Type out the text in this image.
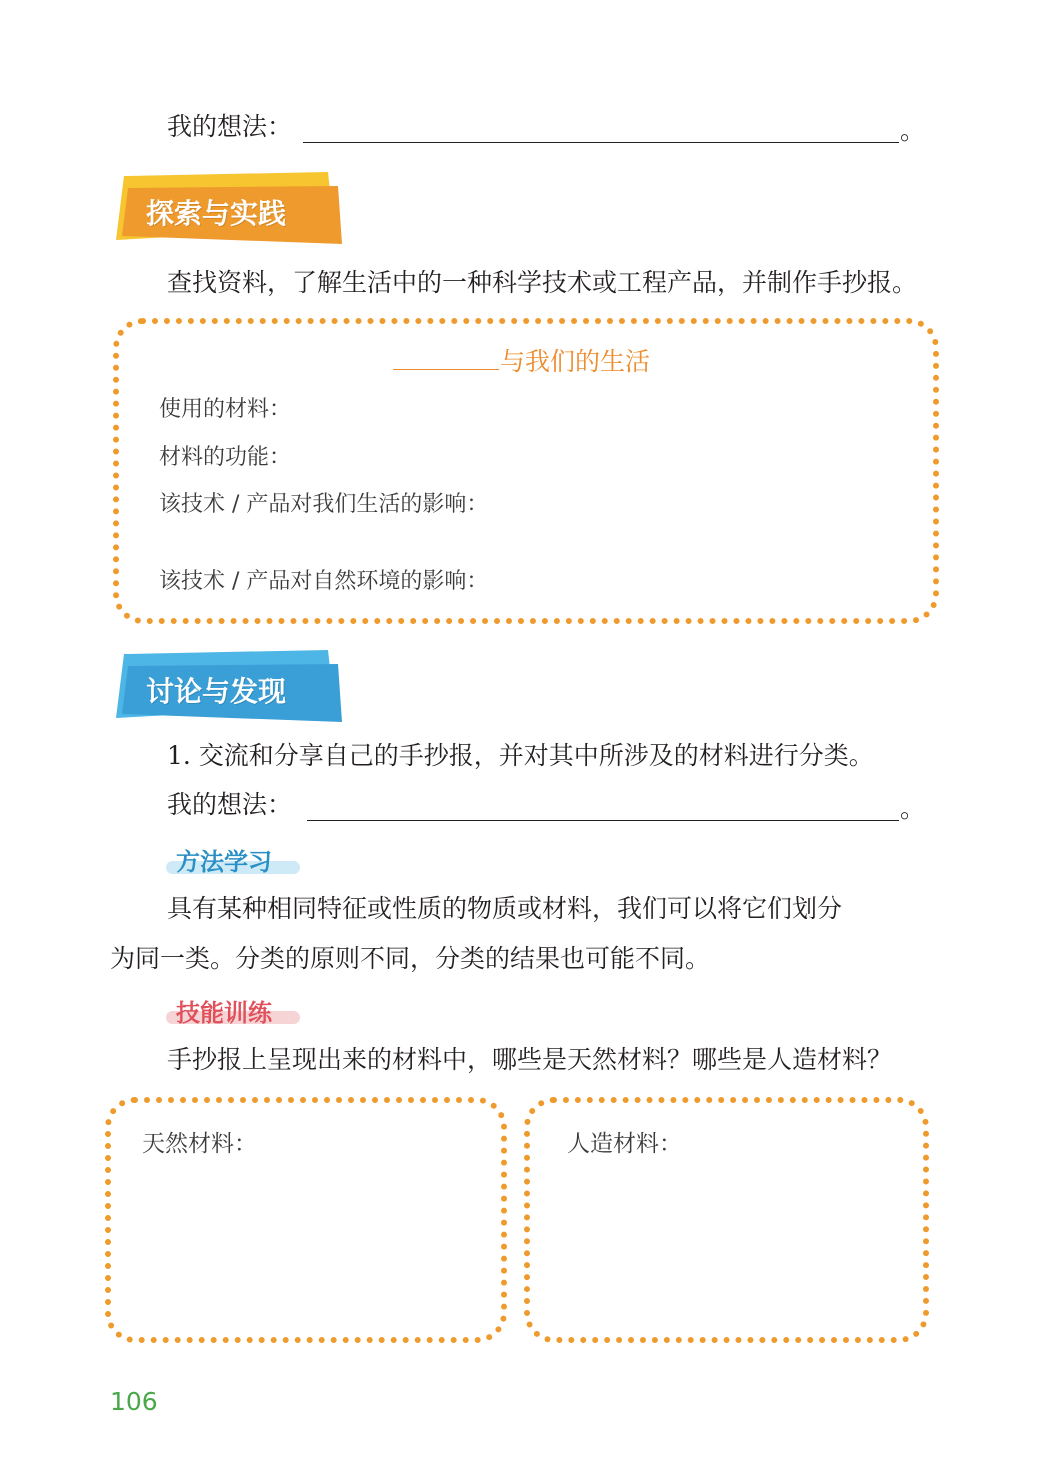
我的想法：	。
探索与实践
查找资料，了解生活中的一种科学技术或工程产品，并制作手抄报。
与我们的生活
使用的材料：
材料的功能：
该技术 / 产品对我们生活的影响：
该技术 / 产品对自然环境的影响：
讨论与发现
1. 交流和分享自己的手抄报，并对其中所涉及的材料进行分类。
我的想法：	。
方法学习
具有某种相同特征或性质的物质或材料，我们可以将它们划分
为同一类。分类的原则不同，分类的结果也可能不同。
技能训练
手抄报上呈现出来的材料中，哪些是天然材料？哪些是人造材料？
天然材料：	人造材料：
106
